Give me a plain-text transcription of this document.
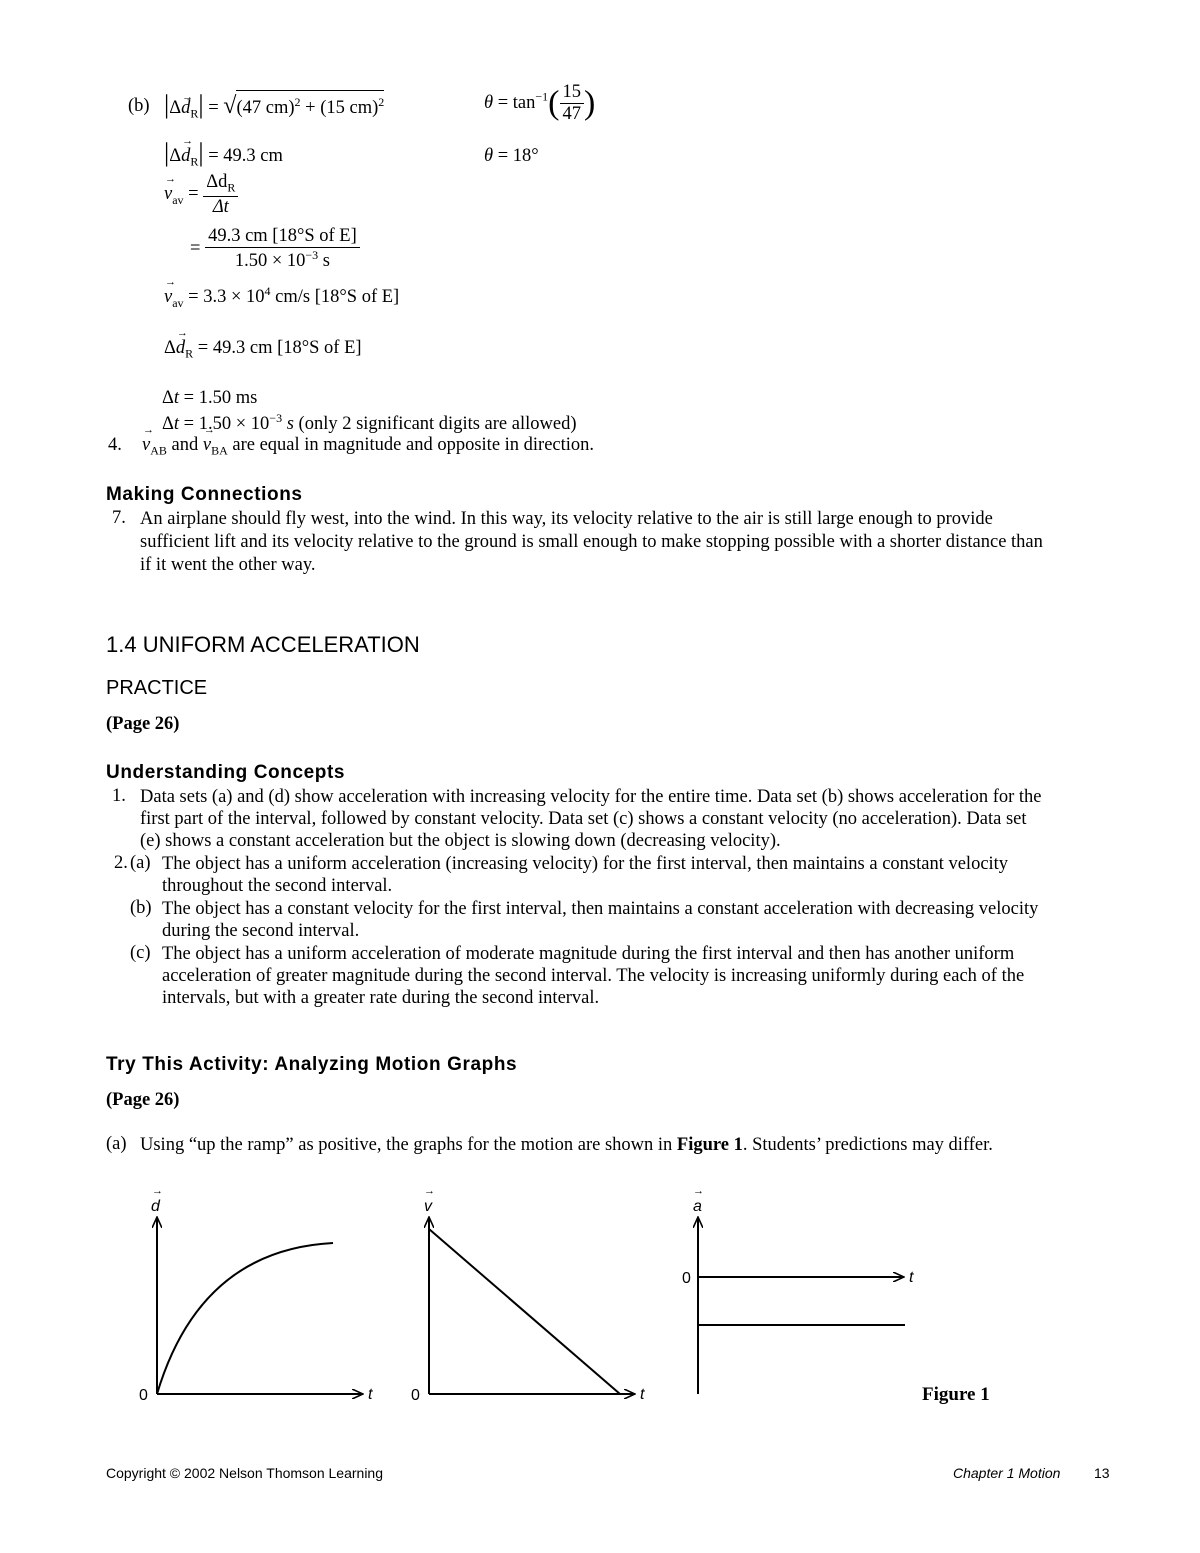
(b) $|\Delta\to d_R| = √(47$ cm)$^2$ + (15 cm)$^2$
$|\Delta\to d_R| = 49.3$ cm
$\theta = \tan^{-1}( \frac{15}{47}$ )
θ = 18°
→ $v_{av} = \frac{\Delta d_R}{\Delta t}$
= $\frac{\text{49.3 cm [18°S of E]}}{1.50 \times 10^{-3} s}$
→ $v_{av} = 3.3 \times 10^4$ cm/s [18°S of E]
$\Delta\to d_R = 49.3$ cm [18°S of E]
Δt = 1.50 ms
$\Delta t = 1.50 \times 10^{-3}$ s (only 2 significant digits are allowed)
4. → $v_{AB}$ and → $v_{BA}$ are equal in magnitude and opposite in direction.
Making Connections
7. An airplane should fly west, into the wind. In this way, its velocity relative to the air is still large enough to provide
sufficient lift and its velocity relative to the ground is small enough to make stopping possible with a shorter distance than
if it went the other way.
1.4 UNIFORM ACCELERATION
PRACTICE
(Page 26)
Understanding Concepts
1. Data sets (a) and (d) show acceleration with increasing velocity for the entire time. Data set (b) shows acceleration for the
first part of the interval, followed by constant velocity. Data set (c) shows a constant velocity (no acceleration). Data set
(e) shows a constant acceleration but the object is slowing down (decreasing velocity).
2. (a) The object has a uniform acceleration (increasing velocity) for the first interval, then maintains a constant velocity
throughout the second interval.
(b) The object has a constant velocity for the first interval, then maintains a constant acceleration with decreasing velocity
during the second interval.
(c) The object has a uniform acceleration of moderate magnitude during the first interval and then has another uniform
acceleration of greater magnitude during the second interval. The velocity is increasing uniformly during each of the
intervals, but with a greater rate during the second interval.
Try This Activity: Analyzing Motion Graphs
(Page 26)
(a) Using “up the ramp” as positive, the graphs for the motion are shown in Figure 1. Students’ predictions may differ.
d
→
t
0
v
→
t
0
a
→
t
0
Figure 1
Copyright © 2002 Nelson Thomson Learning	Chapter 1 Motion 13
